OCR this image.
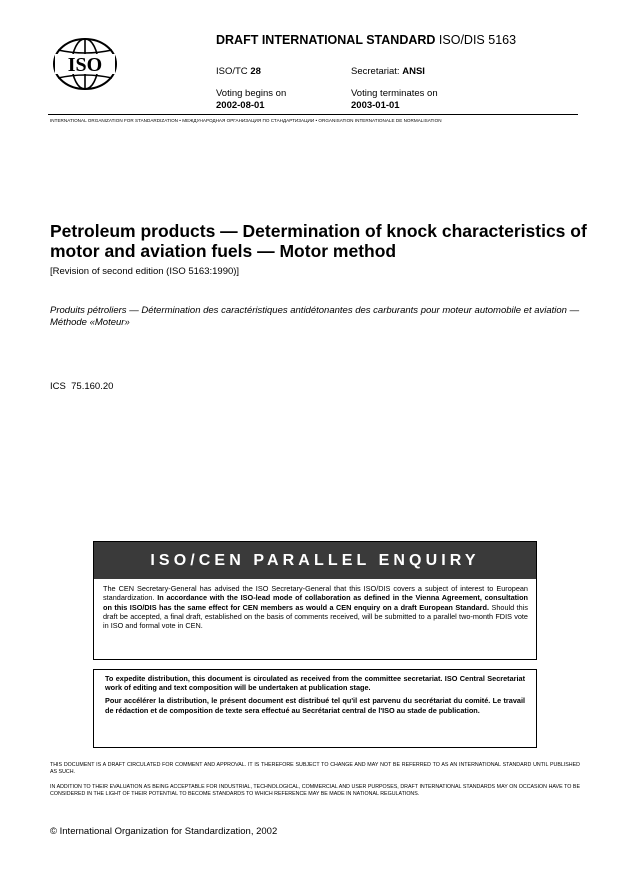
ISO
DRAFT INTERNATIONAL STANDARD ISO/DIS 5163
ISO/TC 28	Secretariat: ANSI
Voting begins on
2002-08-01
Voting terminates on
2003-01-01
INTERNATIONAL ORGANIZATION FOR STANDARDIZATION • МЕЖДУНАРОДНАЯ ОРГАНИЗАЦИЯ ПО СТАНДАРТИЗАЦИИ • ORGANISATION INTERNATIONALE DE NORMALISATION
Petroleum products — Determination of knock characteristics of motor and aviation fuels — Motor method
[Revision of second edition (ISO 5163:1990)]
Produits pétroliers — Détermination des caractéristiques antidétonantes des carburants pour moteur automobile et aviation — Méthode «Moteur»
ICS 75.160.20
ISO/CEN PARALLEL ENQUIRY
The CEN Secretary-General has advised the ISO Secretary-General that this ISO/DIS covers a subject of interest to European standardization. In accordance with the ISO-lead mode of collaboration as defined in the Vienna Agreement, consultation on this ISO/DIS has the same effect for CEN members as would a CEN enquiry on a draft European Standard. Should this draft be accepted, a final draft, established on the basis of comments received, will be submitted to a parallel two-month FDIS vote in ISO and formal vote in CEN.

To expedite distribution, this document is circulated as received from the committee secretariat. ISO Central Secretariat work of editing and text composition will be undertaken at publication stage.

Pour accélérer la distribution, le présent document est distribué tel qu'il est parvenu du secrétariat du comité. Le travail de rédaction et de composition de texte sera effectué au Secrétariat central de l'ISO au stade de publication.

THIS DOCUMENT IS A DRAFT CIRCULATED FOR COMMENT AND APPROVAL. IT IS THEREFORE SUBJECT TO CHANGE AND MAY NOT BE REFERRED TO AS AN INTERNATIONAL STANDARD UNTIL PUBLISHED AS SUCH.
IN ADDITION TO THEIR EVALUATION AS BEING ACCEPTABLE FOR INDUSTRIAL, TECHNOLOGICAL, COMMERCIAL AND USER PURPOSES, DRAFT INTERNATIONAL STANDARDS MAY ON OCCASION HAVE TO BE CONSIDERED IN THE LIGHT OF THEIR POTENTIAL TO BECOME STANDARDS TO WHICH REFERENCE MAY BE MADE IN NATIONAL REGULATIONS.
© International Organization for Standardization, 2002
